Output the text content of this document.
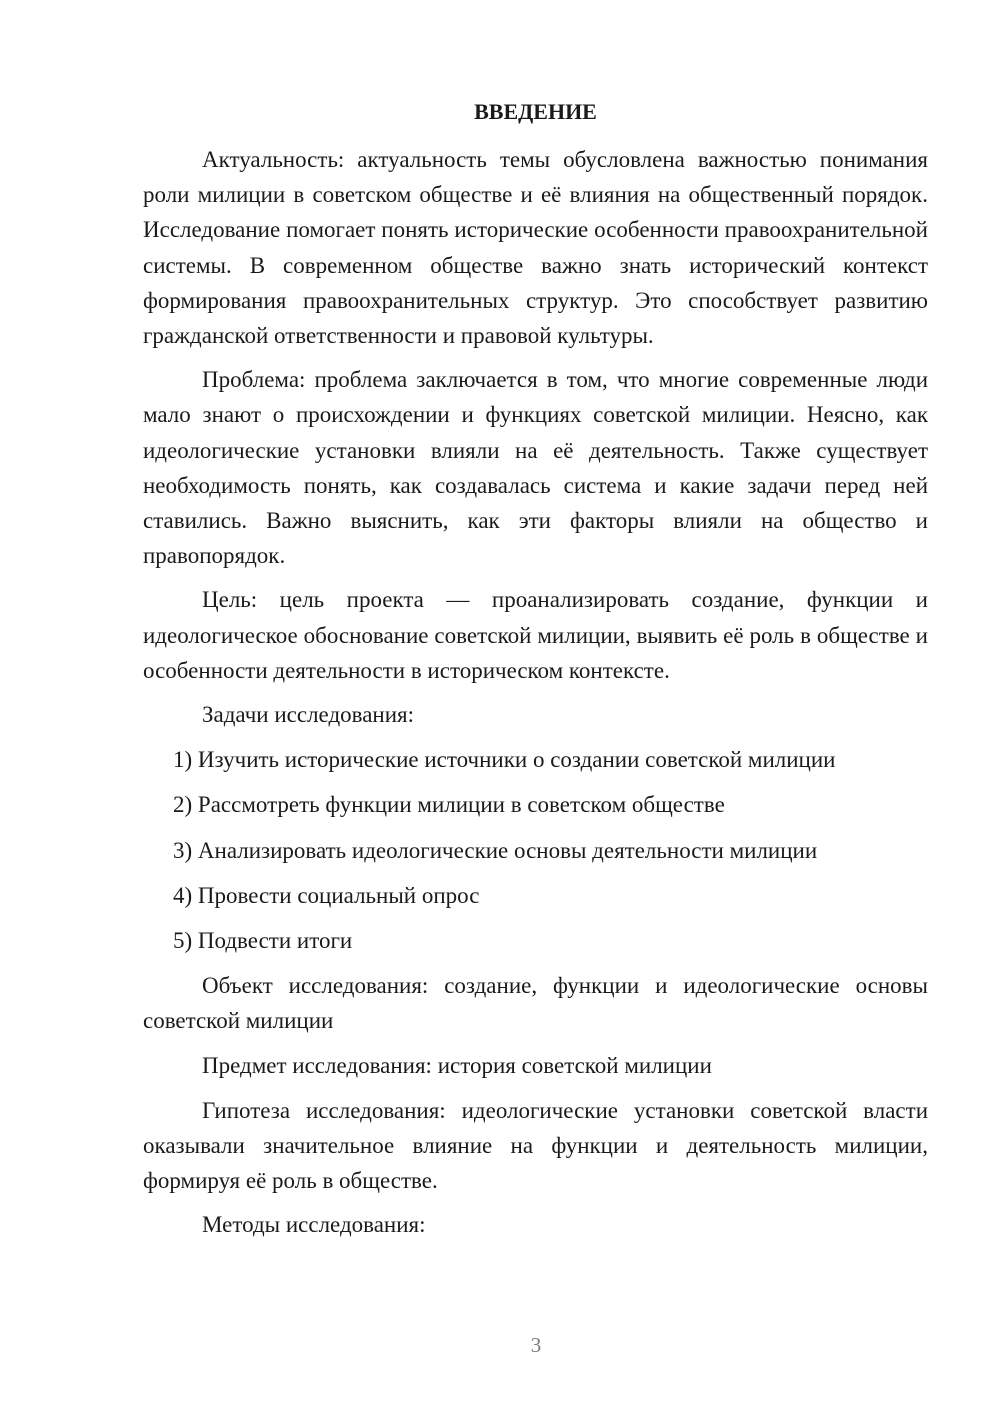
ВВЕДЕНИЕ

Актуальность: актуальность темы обусловлена важностью понимания роли милиции в советском обществе и её влияния на общественный порядок. Исследование помогает понять исторические особенности правоохранительной системы. В современном обществе важно знать исторический контекст формирования правоохранительных структур. Это способствует развитию гражданской ответственности и правовой культуры.

Проблема: проблема заключается в том, что многие современные люди мало знают о происхождении и функциях советской милиции. Неясно, как идеологические установки влияли на её деятельность. Также существует необходимость понять, как создавалась система и какие задачи перед ней ставились. Важно выяснить, как эти факторы влияли на общество и правопорядок.

Цель: цель проекта — проанализировать создание, функции и идеологическое обоснование советской милиции, выявить её роль в обществе и особенности деятельности в историческом контексте.

Задачи исследования:

1) Изучить исторические источники о создании советской милиции
2) Рассмотреть функции милиции в советском обществе
3) Анализировать идеологические основы деятельности милиции
4) Провести социальный опрос
5) Подвести итоги

Объект исследования: создание, функции и идеологические основы советской милиции

Предмет исследования: история советской милиции

Гипотеза исследования: идеологические установки советской власти оказывали значительное влияние на функции и деятельность милиции, формируя её роль в обществе.

Методы исследования:

3
